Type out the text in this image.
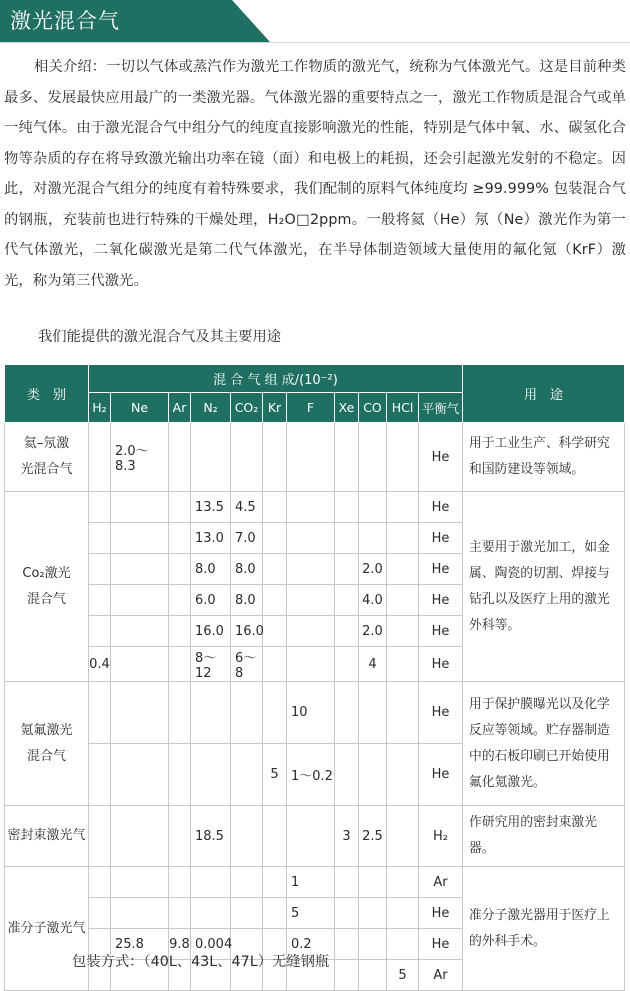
激光混合气

相关介绍：一切以气体或蒸汽作为激光工作物质的激光气，统称为气体激光气。这是目前种类最多、发展最快应用最广的一类激光器。气体激光器的重要特点之一，激光工作物质是混合气或单一纯气体。由于激光混合气中组分气的纯度直接影响激光的性能，特别是气体中氧、水、碳氢化合物等杂质的存在将导致激光输出功率在镜（面）和电极上的耗损，还会引起激光发射的不稳定。因此，对激光混合气组分的纯度有着特殊要求，我们配制的原料气体纯度均 ≥99.999% 包装混合气的钢瓶，充装前也进行特殊的干燥处理，H₂O□2ppm。一般将氦（He）氖（Ne）激光作为第一代气体激光，二氧化碳激光是第二代气体激光，在半导体制造领域大量使用的氟化氪（KrF）激光，称为第三代激光。

我们能提供的激光混合气及其主要用途
类　别	混 合 气 组 成/(10⁻²)											用　途
	H₂	Ne	Ar	N₂	CO₂	Kr	F	Xe	CO	HCl	平衡气	
氦–氖激
光混合气		2.0～8.3									He	用于工业生产、科学研究和国防建设等领域。
Co₂激光
混合气				13.5	4.5						He	主要用于激光加工，如金属、陶瓷的切割、焊接与钻孔以及医疗上用的激光外科等。
				13.0	7.0						He	
				8.0	8.0				2.0		He	
				6.0	8.0				4.0		He	
				16.0	16.0				2.0		He	
	0.4			8～12	6～8				4		He	
氪氟激光
混合气							10				He	用于保护膜曝光以及化学反应等领域。贮存器制造中的石板印刷已开始使用氟化氪激光。
						5	1～0.2				He	
密封束激光气				18.5				3	2.5		H₂	作研究用的密封束激光器。
准分子激光气							1				Ar	准分子激光器用于医疗上的外科手术。
							5				He	
		25.8	9.8	0.004			0.2				He	
										5	Ar	
包装方式：（40L、43L、47L）无缝钢瓶
